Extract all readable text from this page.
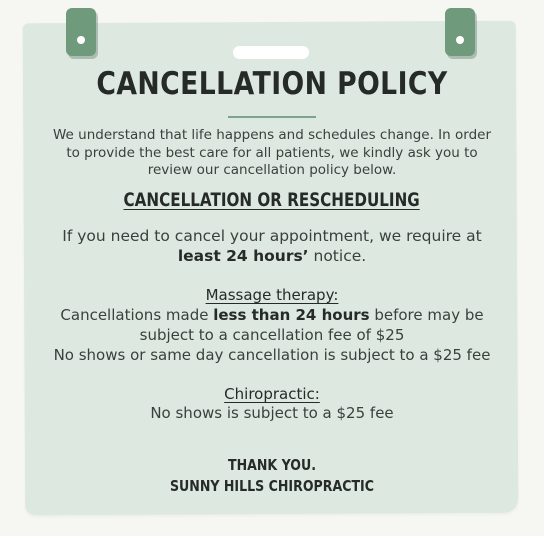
CANCELLATION POLICY
We understand that life happens and schedules change. In order to provide the best care for all patients, we kindly ask you to review our cancellation policy below.
CANCELLATION OR RESCHEDULING
If you need to cancel your appointment, we require at least 24 hours’ notice.
Massage therapy:
Cancellations made less than 24 hours before may be subject to a cancellation fee of $25
No shows or same day cancellation is subject to a $25 fee
Chiropractic:
No shows is subject to a $25 fee
THANK YOU.
SUNNY HILLS CHIROPRACTIC
